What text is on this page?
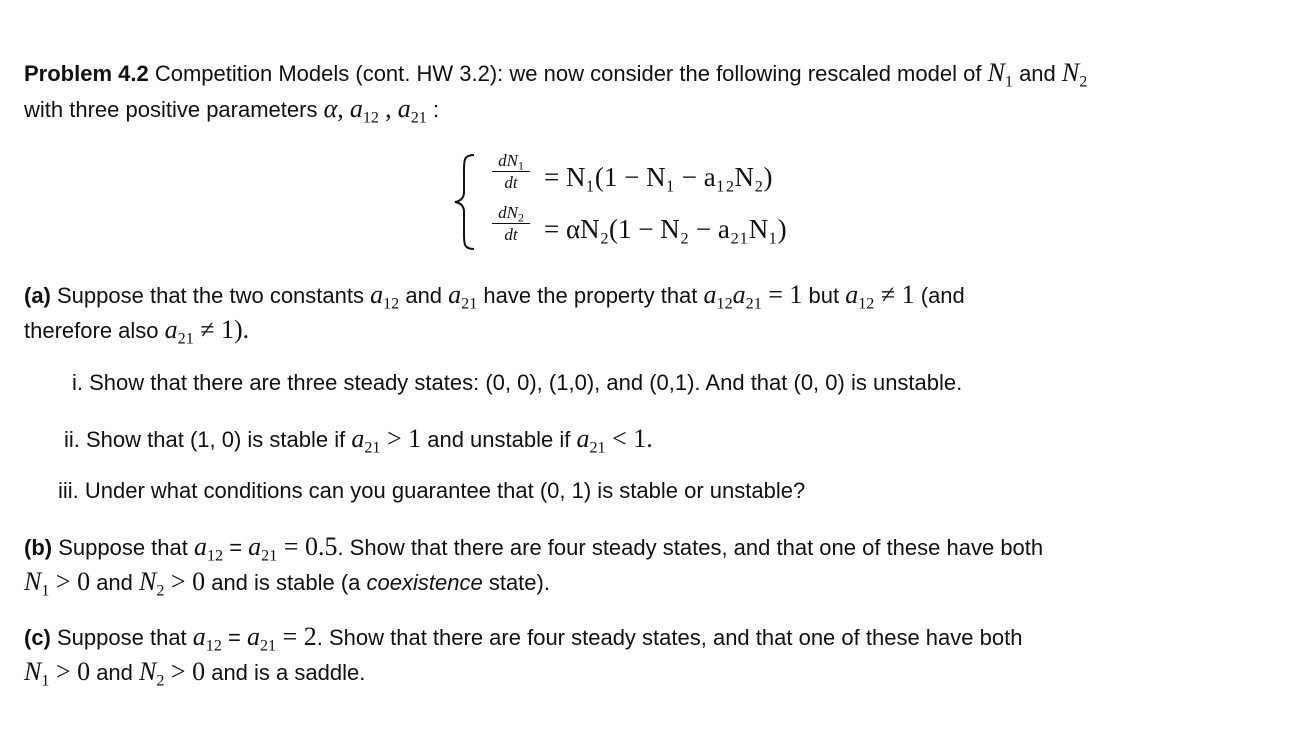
Problem 4.2 Competition Models (cont. HW 3.2): we now consider the following rescaled model of $N_1$ and $N_2$
with three positive parameters α, $a_{12}$ , $a_{21}$ :
$dN_1$
dt = N₁(1 − N₁ − a₁₂N₂)
$dN_2$
dt = αN₂(1 − N₂ − a₂₁N₁)
(a) Suppose that the two constants $a_{12}$ and $a_{21}$ have the property that $a_{12}a_{21} = 1$ but $a_{12} \ne 1$ (and
therefore also $a_{21} \ne 1$).
i. Show that there are three steady states: (0, 0), (1,0), and (0,1). And that (0, 0) is unstable.
ii. Show that (1, 0) is stable if $a_{21} > 1$ and unstable if $a_{21} < 1$.
iii. Under what conditions can you guarantee that (0, 1) is stable or unstable?
(b) Suppose that $a_{12} = a_{21} = 0.5$. Show that there are four steady states, and that one of these have both
$N_1 > 0$ and $N_2 > 0$ and is stable (a coexistence state).
(c) Suppose that $a_{12} = a_{21} = 2$. Show that there are four steady states, and that one of these have both
$N_1 > 0$ and $N_2 > 0$ and is a saddle.
